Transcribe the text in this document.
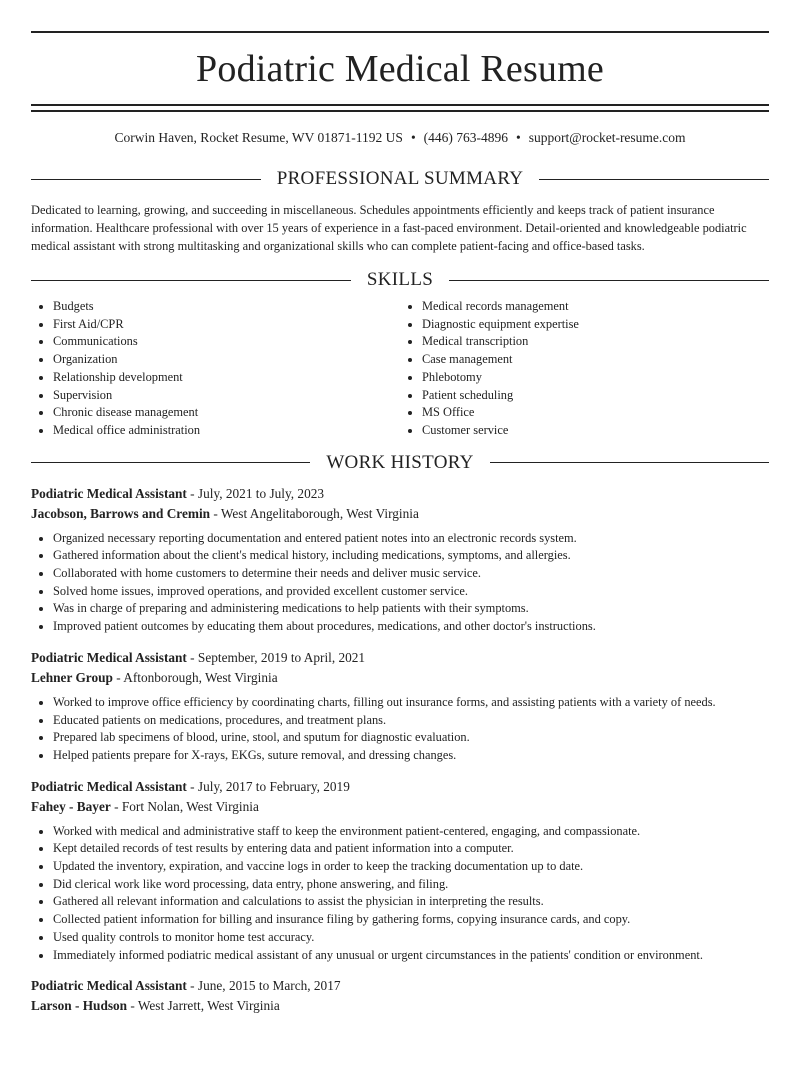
Podiatric Medical Resume
Corwin Haven, Rocket Resume, WV 01871-1192 US • (446) 763-4896 • support@rocket-resume.com
PROFESSIONAL SUMMARY

Dedicated to learning, growing, and succeeding in miscellaneous. Schedules appointments efficiently and keeps track of patient insurance information. Healthcare professional with over 15 years of experience in a fast-paced environment. Detail-oriented and knowledgeable podiatric medical assistant with strong multitasking and organizational skills who can complete patient-facing and office-based tasks.

SKILLS
• Budgets
• First Aid/CPR
• Communications
• Organization
• Relationship development
• Supervision
• Chronic disease management
• Medical office administration
• Medical records management
• Diagnostic equipment expertise
• Medical transcription
• Case management
• Phlebotomy
• Patient scheduling
• MS Office
• Customer service
WORK HISTORY
Podiatric Medical Assistant - July, 2021 to July, 2023
Jacobson, Barrows and Cremin - West Angelitaborough, West Virginia
• Organized necessary reporting documentation and entered patient notes into an electronic records system.
• Gathered information about the client's medical history, including medications, symptoms, and allergies.
• Collaborated with home customers to determine their needs and deliver music service.
• Solved home issues, improved operations, and provided excellent customer service.
• Was in charge of preparing and administering medications to help patients with their symptoms.
• Improved patient outcomes by educating them about procedures, medications, and other doctor's instructions.
Podiatric Medical Assistant - September, 2019 to April, 2021
Lehner Group - Aftonborough, West Virginia
• Worked to improve office efficiency by coordinating charts, filling out insurance forms, and assisting patients with a variety of needs.
• Educated patients on medications, procedures, and treatment plans.
• Prepared lab specimens of blood, urine, stool, and sputum for diagnostic evaluation.
• Helped patients prepare for X-rays, EKGs, suture removal, and dressing changes.
Podiatric Medical Assistant - July, 2017 to February, 2019
Fahey - Bayer - Fort Nolan, West Virginia
• Worked with medical and administrative staff to keep the environment patient-centered, engaging, and compassionate.
• Kept detailed records of test results by entering data and patient information into a computer.
• Updated the inventory, expiration, and vaccine logs in order to keep the tracking documentation up to date.
• Did clerical work like word processing, data entry, phone answering, and filing.
• Gathered all relevant information and calculations to assist the physician in interpreting the results.
• Collected patient information for billing and insurance filing by gathering forms, copying insurance cards, and copy.
• Used quality controls to monitor home test accuracy.
• Immediately informed podiatric medical assistant of any unusual or urgent circumstances in the patients' condition or environment.
Podiatric Medical Assistant - June, 2015 to March, 2017
Larson - Hudson - West Jarrett, West Virginia
